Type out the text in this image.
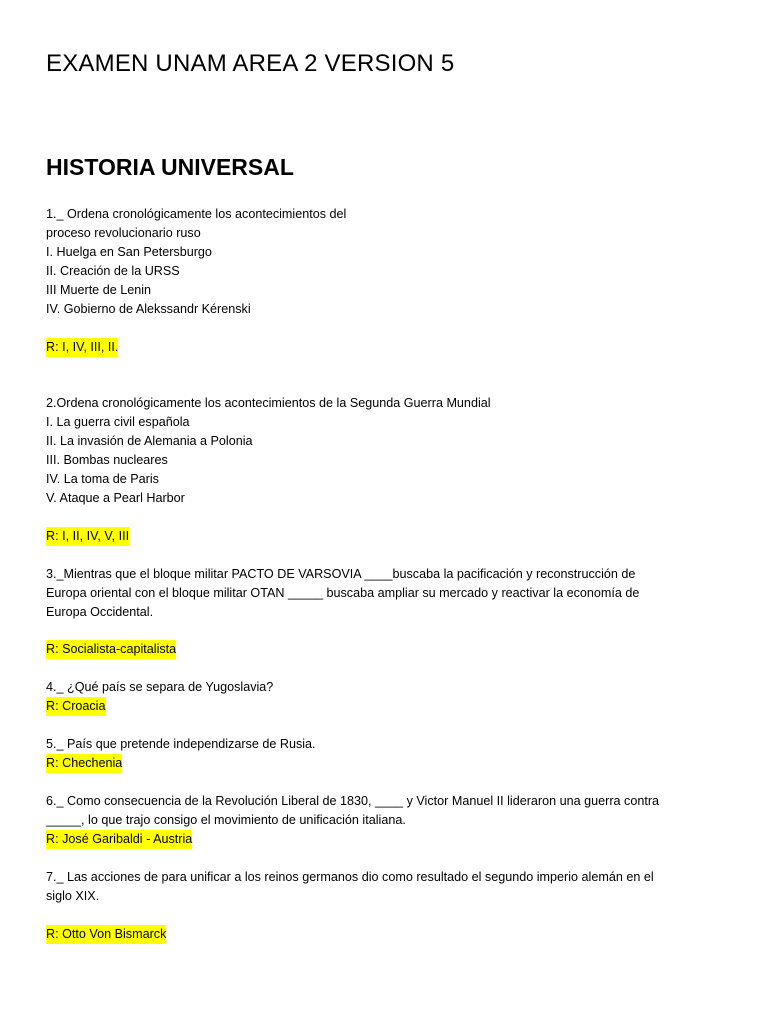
EXAMEN UNAM AREA 2 VERSION 5
HISTORIA UNIVERSAL
1._ Ordena cronológicamente los acontecimientos del
proceso revolucionario ruso
I. Huelga en San Petersburgo
II. Creación de la URSS
III Muerte de Lenin
IV. Gobierno de Alekssandr Kérenski
R: I, IV, III, II.
2.Ordena cronológicamente los acontecimientos de la Segunda Guerra Mundial
I. La guerra civil española
II. La invasión de Alemania a Polonia
III. Bombas nucleares
IV. La toma de Paris
V. Ataque a Pearl Harbor
R: I, II, IV, V, III
3._Mientras que el bloque militar PACTO DE VARSOVIA ____buscaba la pacificación y reconstrucción de
Europa oriental con el bloque militar OTAN _____ buscaba ampliar su mercado y reactivar la economía de
Europa Occidental.
R: Socialista-capitalista
4._ ¿Qué país se separa de Yugoslavia?
R: Croacia
5._ País que pretende independizarse de Rusia.
R: Chechenia
6._ Como consecuencia de la Revolución Liberal de 1830, ____ y Victor Manuel II lideraron una guerra contra
_____, lo que trajo consigo el movimiento de unificación italiana.
R: José Garibaldi - Austria
7._ Las acciones de para unificar a los reinos germanos dio como resultado el segundo imperio alemán en el
siglo XIX.
R: Otto Von Bismarck
